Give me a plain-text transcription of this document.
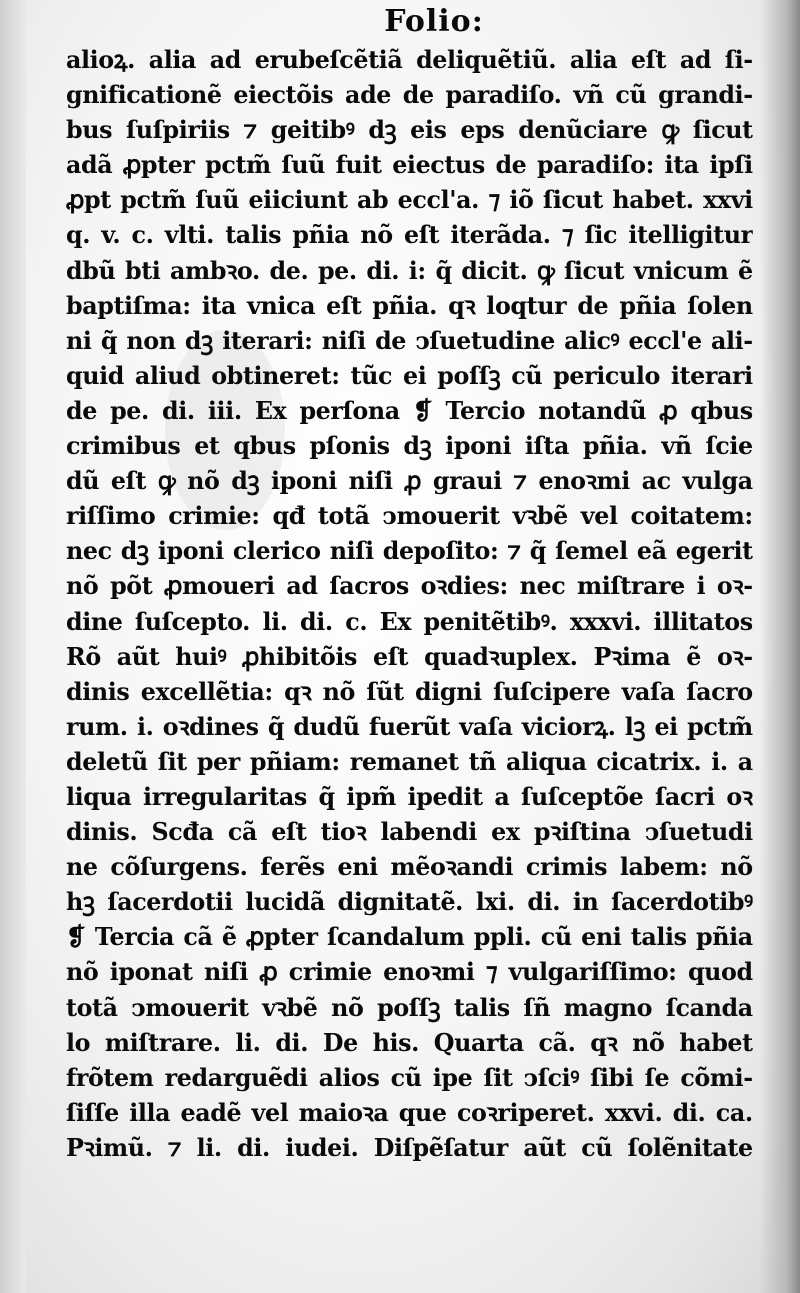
Folio:
alioꝝ. alia ad erubeſcẽtiã deliquẽtiũ. alia eſt ad ſi-
gnificationẽ eiectõis ade de paradiſo. vñ cũ grandi-
bus ſuſpiriis ⁊ geitibꝰ dꝫ eis eps denũciare ꝙ ſicut
adã ꝓpter pctm̃ ſuũ fuit eiectus de paradiſo: ita ipſi
ꝓpt pctm̃ ſuũ eiiciunt ab eccl'a. ⁊ iõ ſicut habet. xxvi
q. v. c. vlti. talis pñia nõ eſt iterãda. ⁊ ſic itelligitur
dbũ bti ambꝛo. de. pe. di. i: q̃ dicit. ꝙ ſicut vnicum ẽ
baptiſma: ita vnica eſt pñia. qꝛ loqtur de pñia ſolen
ni q̃ non dꝫ iterari: niſi de ↄſuetudine alicꝰ eccl'e ali-
quid aliud obtineret: tũc ei poſſꝫ cũ periculo iterari
de pe. di. iii. Ex perſona ❡ Tercio notandũ ꝓ qbus
crimibus et qbus pſonis dꝫ iponi iſta pñia. vñ ſcie
dũ eſt ꝙ nõ dꝫ iponi niſi ꝓ graui ⁊ enoꝛmi ac vulga
riſſimo crimie: qđ totã ↄmouerit vꝛbẽ vel coitatem:
nec dꝫ iponi clerico niſi depoſito: ⁊ q̃ ſemel eã egerit
nõ põt ꝓmoueri ad ſacros oꝛdies: nec miſtrare i oꝛ-
dine ſuſcepto. li. di. c. Ex penitẽtibꝰ. xxxvi. illitatos
Rõ aũt huiꝰ ꝓhibitõis eſt quadꝛuplex. Pꝛima ẽ oꝛ-
dinis excellẽtia: qꝛ nõ ſũt digni ſuſcipere vaſa ſacro
rum. i. oꝛdines q̃ dudũ fuerũt vaſa viciorꝝ. lꝫ ei pctm̃
deletũ ſit per pñiam: remanet tñ aliqua cicatrix. i. a
liqua irregularitas q̃ ipm̃ ipedit a ſuſceptõe ſacri oꝛ
dinis. Scđa cã eſt tioꝛ labendi ex pꝛiſtina ↄſuetudi
ne cõſurgens. ferẽs eni mẽoꝛandi crimis labem: nõ
hꝫ ſacerdotii lucidã dignitatẽ. lxi. di. in ſacerdotibꝰ
❡ Tercia cã ẽ ꝓpter ſcandalum ppli. cũ eni talis pñia
nõ iponat niſi ꝓ crimie enoꝛmi ⁊ vulgariſſimo: quod
totã ↄmouerit vꝛbẽ nõ poſſꝫ talis ſñ magno ſcanda
lo miſtrare. li. di. De his. Quarta cã. qꝛ nõ habet
frõtem redarguẽdi alios cũ ipe ſit ↄſciꝰ ſibi ſe cõmi-
ſiſſe illa eadẽ vel maioꝛa que coꝛriperet. xxvi. di. ca.
Pꝛimũ. ⁊ li. di. iudei. Diſpẽſatur aũt cũ ſolẽnitate
